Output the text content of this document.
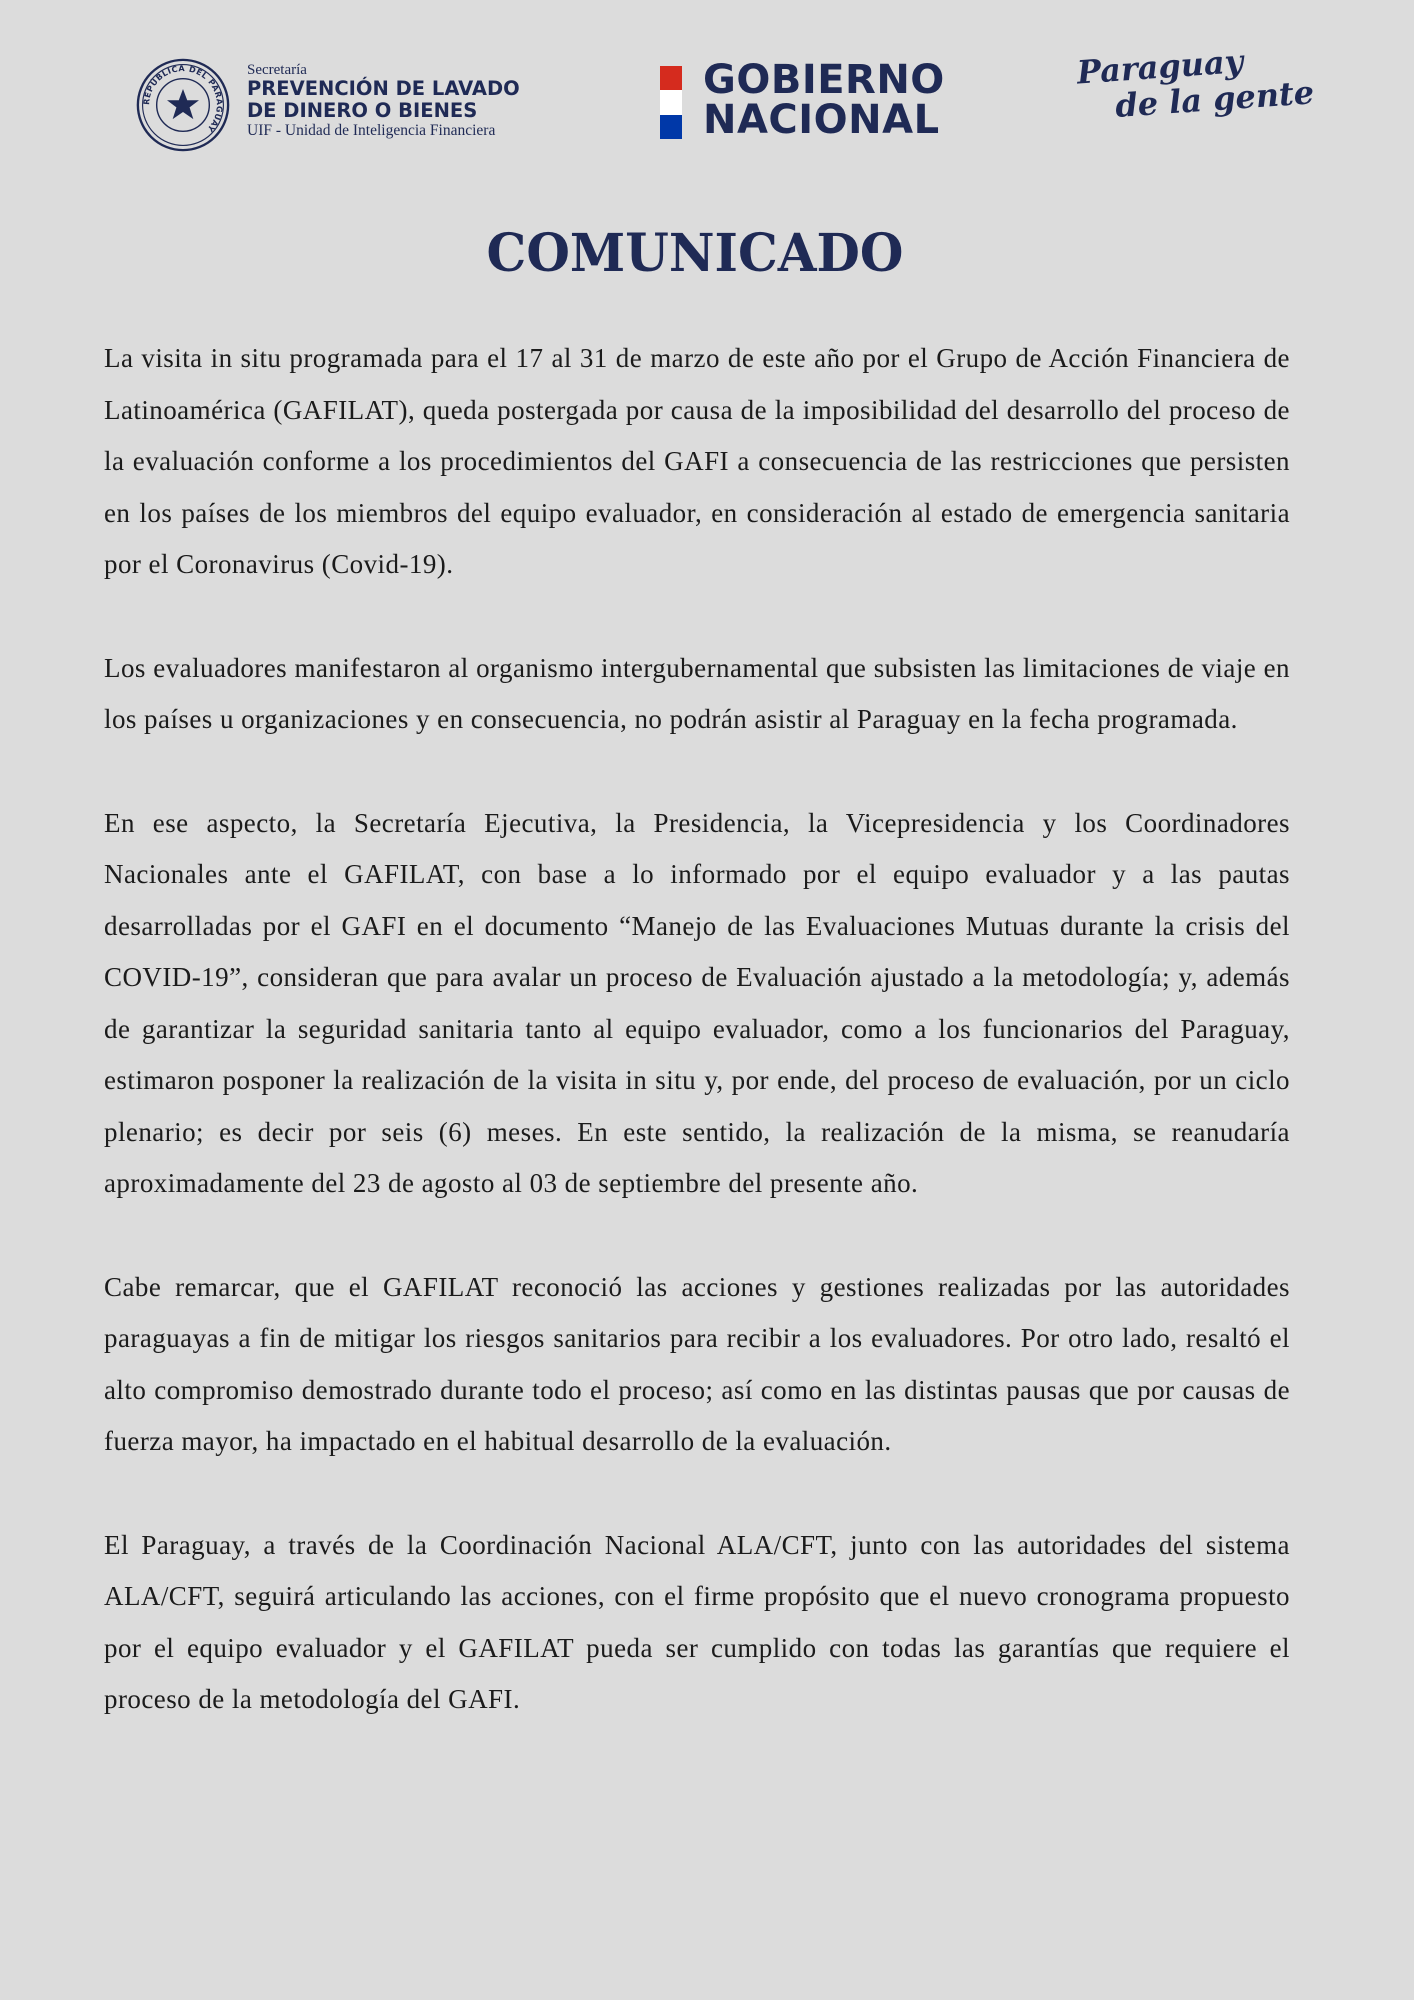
REPÚBLICA DEL PARAGUAY
Secretaría
PREVENCIÓN DE LAVADO
DE DINERO O BIENES
UIF - Unidad de Inteligencia Financiera
GOBIERNO
NACIONAL
Paraguay
de la gente
COMUNICADO

La visita in situ programada para el 17 al 31 de marzo de este año por el Grupo de Acción Financiera de Latinoamérica (GAFILAT), queda postergada por causa de la imposibilidad del desarrollo del proceso de la evaluación conforme a los procedimientos del GAFI a consecuencia de las restricciones que persisten en los países de los miembros del equipo evaluador, en consideración al estado de emergencia sanitaria por el Coronavirus (Covid-19).

Los evaluadores manifestaron al organismo intergubernamental que subsisten las limitaciones de viaje en los países u organizaciones y en consecuencia, no podrán asistir al Paraguay en la fecha programada.

En ese aspecto, la Secretaría Ejecutiva, la Presidencia, la Vicepresidencia y los Coordinadores Nacionales ante el GAFILAT, con base a lo informado por el equipo evaluador y a las pautas desarrolladas por el GAFI en el documento “Manejo de las Evaluaciones Mutuas durante la crisis del COVID-19”, consideran que para avalar un proceso de Evaluación ajustado a la metodología; y, además de garantizar la seguridad sanitaria tanto al equipo evaluador, como a los funcionarios del Paraguay, estimaron posponer la realización de la visita in situ y, por ende, del proceso de evaluación, por un ciclo plenario; es decir por seis (6) meses. En este sentido, la realización de la misma, se reanudaría aproximadamente del 23 de agosto al 03 de septiembre del presente año.

Cabe remarcar, que el GAFILAT reconoció las acciones y gestiones realizadas por las autoridades paraguayas a fin de mitigar los riesgos sanitarios para recibir a los evaluadores. Por otro lado, resaltó el alto compromiso demostrado durante todo el proceso; así como en las distintas pausas que por causas de fuerza mayor, ha impactado en el habitual desarrollo de la evaluación.

El Paraguay, a través de la Coordinación Nacional ALA/CFT, junto con las autoridades del sistema ALA/CFT, seguirá articulando las acciones, con el firme propósito que el nuevo cronograma propuesto por el equipo evaluador y el GAFILAT pueda ser cumplido con todas las garantías que requiere el proceso de la metodología del GAFI.
